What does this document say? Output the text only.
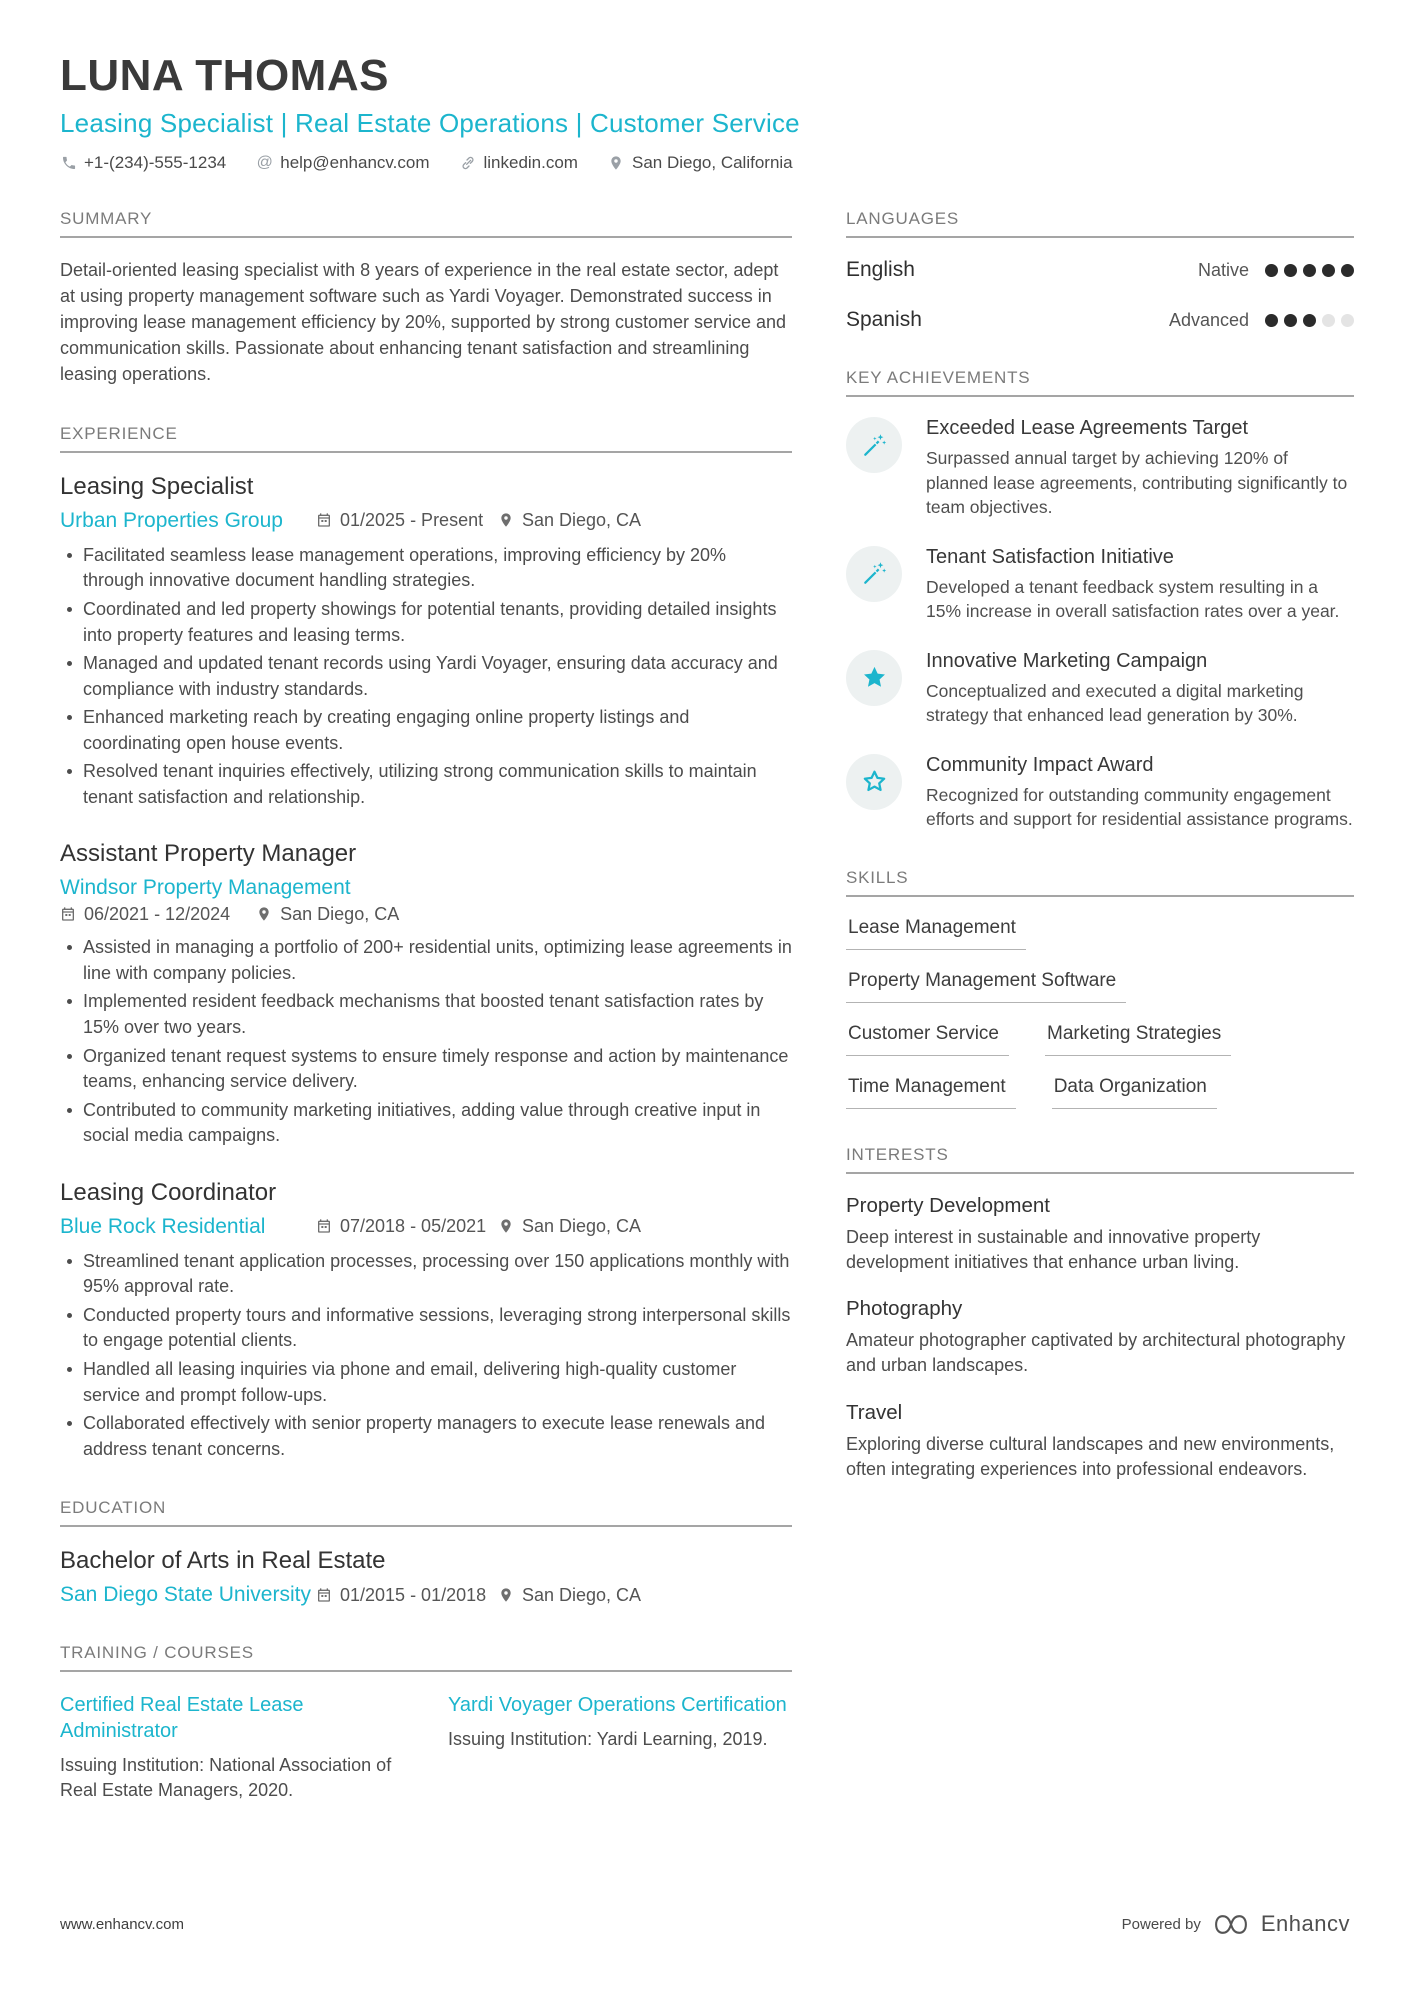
LUNA THOMAS
Leasing Specialist | Real Estate Operations | Customer Service
+1-(234)-555-1234 @ help@enhancv.com	linkedin.com	San Diego, California
SUMMARY

Detail-oriented leasing specialist with 8 years of experience in the real estate sector, adept at using property management software such as Yardi Voyager. Demonstrated success in improving lease management efficiency by 20%, supported by strong customer service and communication skills. Passionate about enhancing tenant satisfaction and streamlining leasing operations.

EXPERIENCE
Leasing Specialist
Urban Properties Group	01/2025 - Present San Diego, CA
Facilitated seamless lease management operations, improving efficiency by 20% through innovative document handling strategies.
Coordinated and led property showings for potential tenants, providing detailed insights into property features and leasing terms.
Managed and updated tenant records using Yardi Voyager, ensuring data accuracy and compliance with industry standards.
Enhanced marketing reach by creating engaging online property listings and coordinating open house events.
Resolved tenant inquiries effectively, utilizing strong communication skills to maintain tenant satisfaction and relationship.
Assistant Property Manager
Windsor Property Management
06/2021 - 12/2024	San Diego, CA
Assisted in managing a portfolio of 200+ residential units, optimizing lease agreements in line with company policies.
Implemented resident feedback mechanisms that boosted tenant satisfaction rates by 15% over two years.
Organized tenant request systems to ensure timely response and action by maintenance teams, enhancing service delivery.
Contributed to community marketing initiatives, adding value through creative input in social media campaigns.
Leasing Coordinator
Blue Rock Residential	07/2018 - 05/2021 San Diego, CA
Streamlined tenant application processes, processing over 150 applications monthly with 95% approval rate.
Conducted property tours and informative sessions, leveraging strong interpersonal skills to engage potential clients.
Handled all leasing inquiries via phone and email, delivering high-quality customer service and prompt follow-ups.
Collaborated effectively with senior property managers to execute lease renewals and address tenant concerns.
EDUCATION
Bachelor of Arts in Real Estate
San Diego State University 01/2015 - 01/2018 San Diego, CA
TRAINING / COURSES
Certified Real Estate Lease Administrator
Issuing Institution: National Association of Real Estate Managers, 2020.
Yardi Voyager Operations Certification
Issuing Institution: Yardi Learning, 2019.
LANGUAGES
English	Native
Spanish	Advanced
KEY ACHIEVEMENTS
Exceeded Lease Agreements Target
Surpassed annual target by achieving 120% of planned lease agreements, contributing significantly to team objectives.
Tenant Satisfaction Initiative
Developed a tenant feedback system resulting in a 15% increase in overall satisfaction rates over a year.
Innovative Marketing Campaign
Conceptualized and executed a digital marketing strategy that enhanced lead generation by 30%.
Community Impact Award
Recognized for outstanding community engagement efforts and support for residential assistance programs.
SKILLS
Lease Management
Property Management Software
Customer Service	Marketing Strategies
Time Management	Data Organization
INTERESTS
Property Development
Deep interest in sustainable and innovative property development initiatives that enhance urban living.
Photography
Amateur photographer captivated by architectural photography and urban landscapes.
Travel
Exploring diverse cultural landscapes and new environments, often integrating experiences into professional endeavors.
www.enhancv.com	Powered by	Enhancv
